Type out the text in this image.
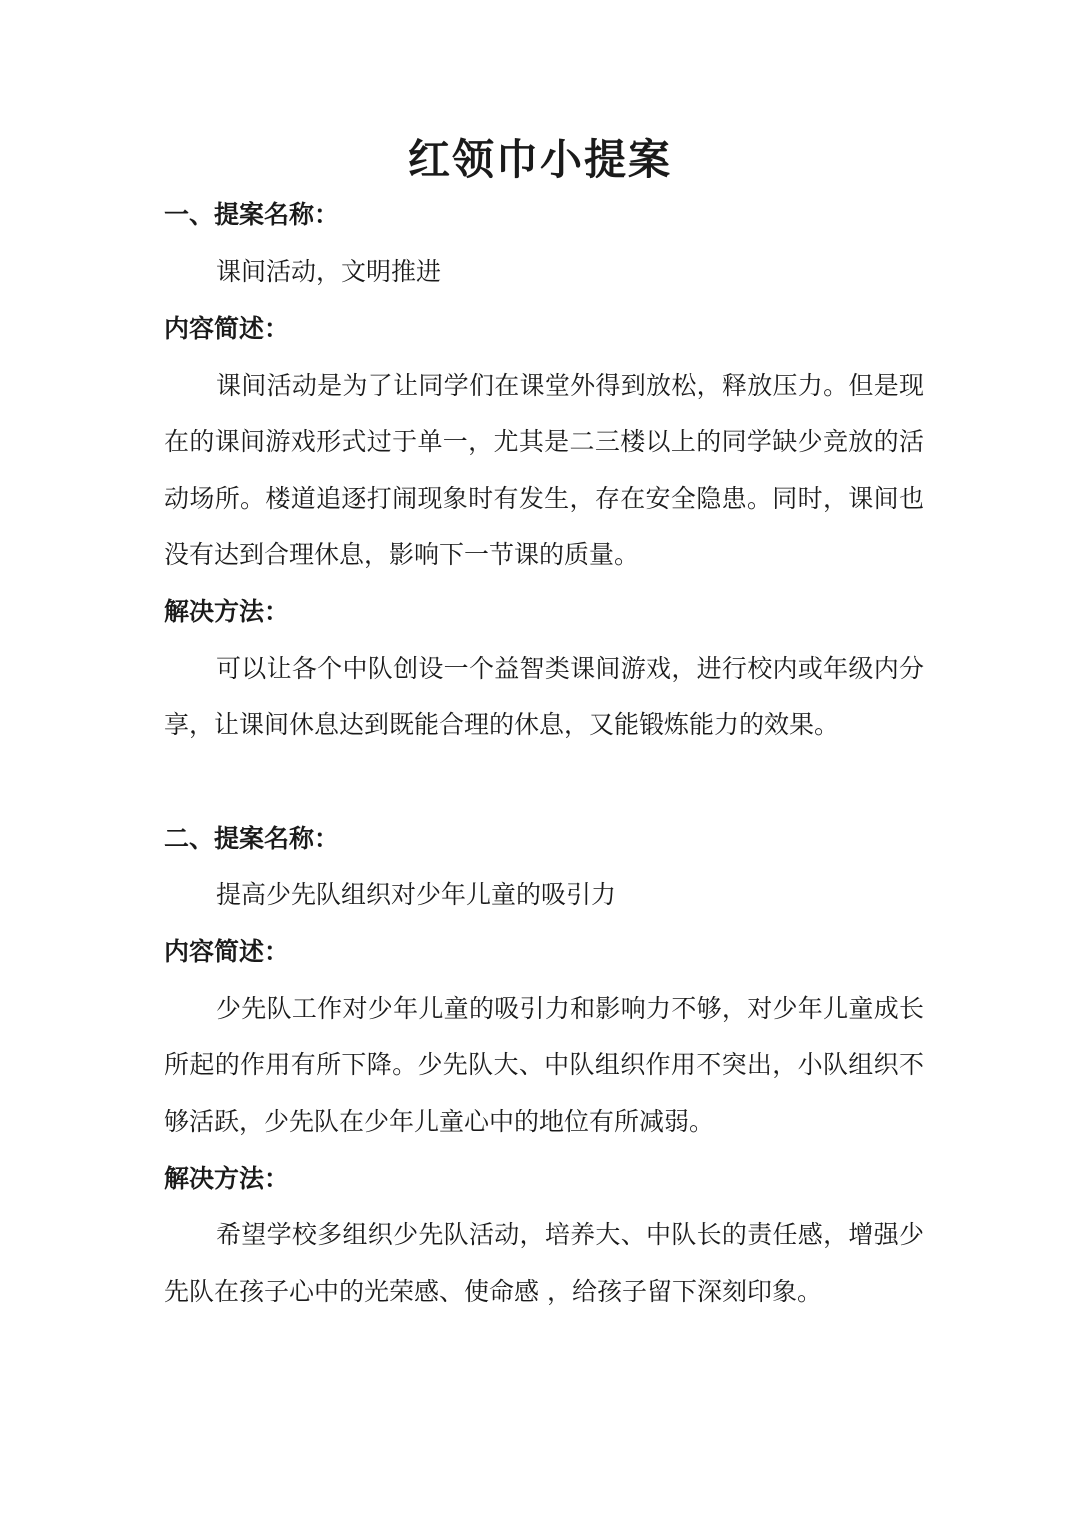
红领巾小提案
一、提案名称：
课间活动，文明推进
内容简述：
课间活动是为了让同学们在课堂外得到放松，释放压力。但是现
在的课间游戏形式过于单一，尤其是二三楼以上的同学缺少竞放的活
动场所。楼道追逐打闹现象时有发生，存在安全隐患。同时，课间也
没有达到合理休息，影响下一节课的质量。
解决方法：
可以让各个中队创设一个益智类课间游戏，进行校内或年级内分
享，让课间休息达到既能合理的休息，又能锻炼能力的效果。
二、提案名称：
提高少先队组织对少年儿童的吸引力
内容简述：
少先队工作对少年儿童的吸引力和影响力不够，对少年儿童成长
所起的作用有所下降。少先队大、中队组织作用不突出，小队组织不
够活跃，少先队在少年儿童心中的地位有所减弱。
解决方法：
希望学校多组织少先队活动，培养大、中队长的责任感，增强少
先队在孩子心中的光荣感、使命感 ，给孩子留下深刻印象。
